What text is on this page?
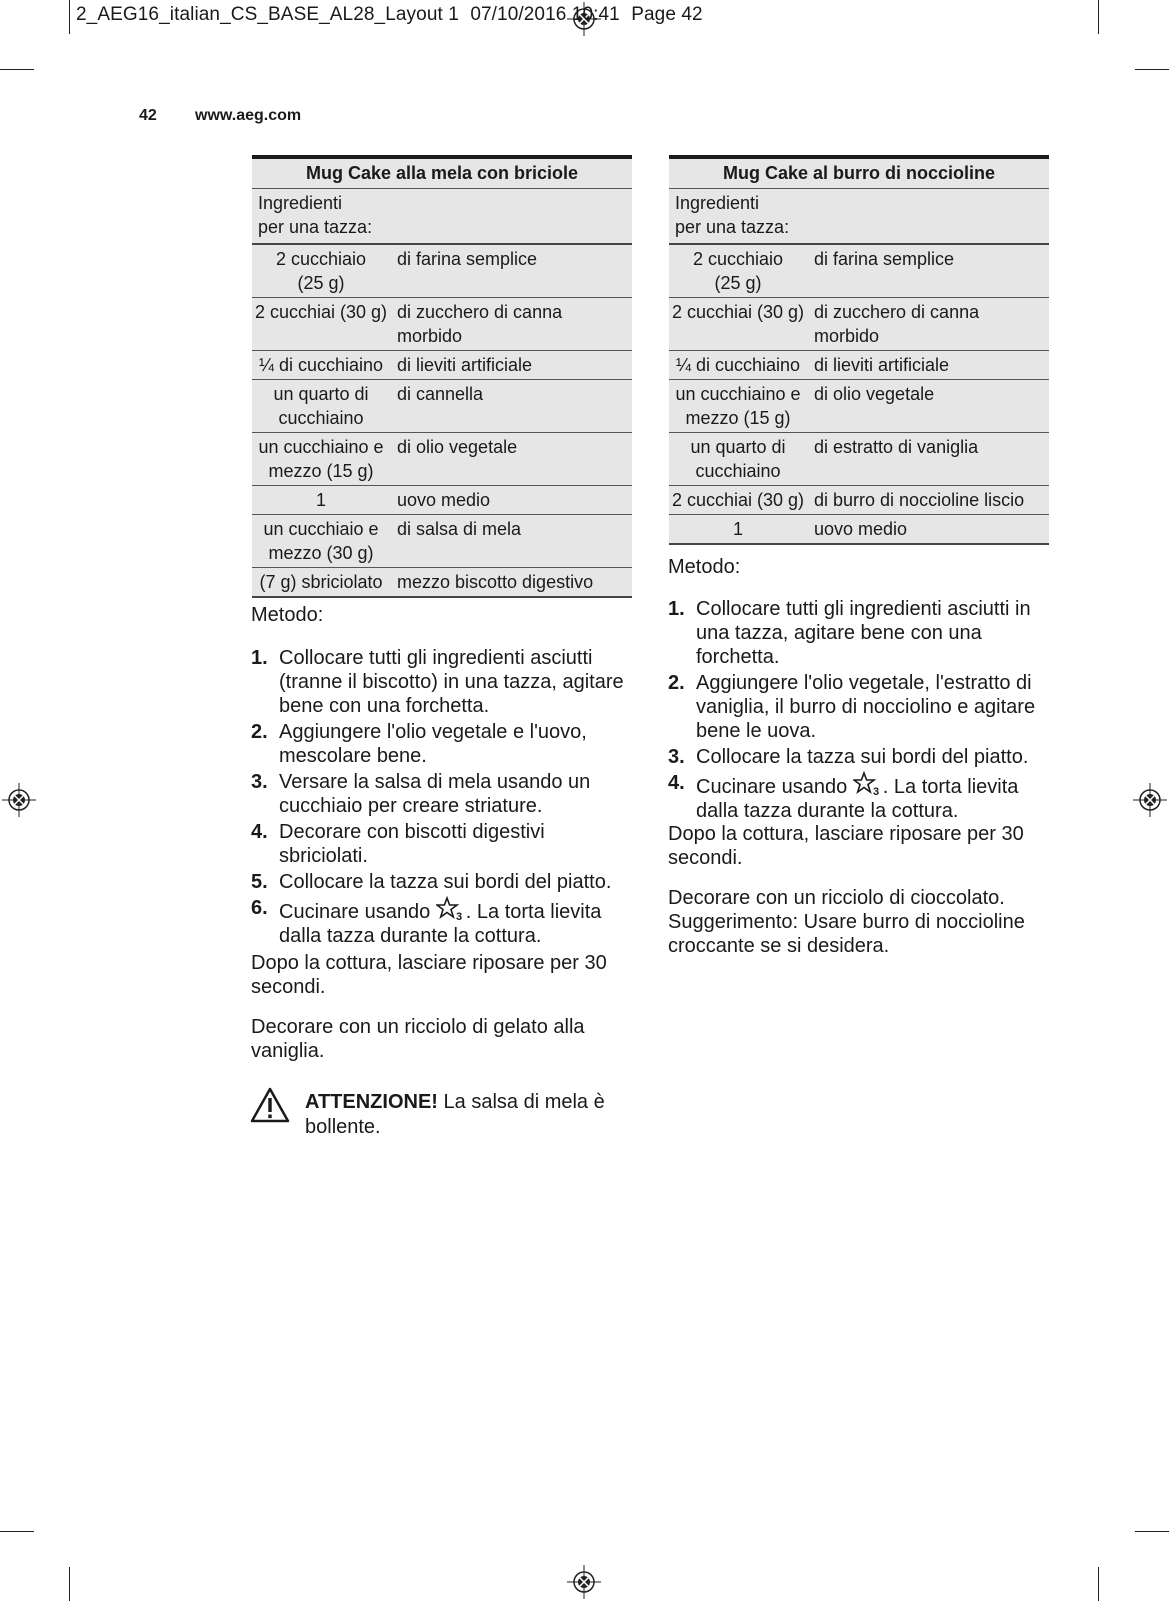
2_AEG16_italian_CS_BASE_AL28_Layout 1 07/10/2016 10:41 Page 42
42 www.aeg.com
Mug Cake alla mela con briciole	

Ingredienti
per una tazza:	

2 cucchiaio
(25 g)	di farina semplice

2 cucchiai (30 g)	di zucchero di canna
morbido

¼ di cucchiaino	di lieviti artificiale

un quarto di
cucchiaino	di cannella

un cucchiaino e
mezzo (15 g)	di olio vegetale

1	uovo medio

un cucchiaio e
mezzo (30 g)	di salsa di mela

(7 g) sbriciolato	mezzo biscotto digestivo

Metodo:

1. Collocare tutti gli ingredienti asciutti (tranne il biscotto) in una tazza, agitare bene con una forchetta.
2. Aggiungere l'olio vegetale e l'uovo, mescolare bene.
3. Versare la salsa di mela usando un cucchiaio per creare striature.
4. Decorare con biscotti digestivi sbriciolati.
5. Collocare la tazza sui bordi del piatto.
6. Cucinare usando 3 . La torta lievita dalla tazza durante la cottura.

Dopo la cottura, lasciare riposare per 30 secondi.

Decorare con un ricciolo di gelato alla vaniglia.

ATTENZIONE! La salsa di mela è bollente.
Mug Cake al burro di noccioline	

Ingredienti
per una tazza:	

2 cucchiaio
(25 g)	di farina semplice

2 cucchiai (30 g)	di zucchero di canna
morbido

¼ di cucchiaino	di lieviti artificiale

un cucchiaino e
mezzo (15 g)	di olio vegetale

un quarto di
cucchiaino	di estratto di vaniglia

2 cucchiai (30 g)	di burro di noccioline liscio

1	uovo medio

Metodo:

1. Collocare tutti gli ingredienti asciutti in una tazza, agitare bene con una forchetta.
2. Aggiungere l'olio vegetale, l'estratto di vaniglia, il burro di nocciolino e agitare bene le uova.
3. Collocare la tazza sui bordi del piatto.
4. Cucinare usando 3 . La torta lievita dalla tazza durante la cottura.

Dopo la cottura, lasciare riposare per 30 secondi.

Decorare con un ricciolo di cioccolato.

Suggerimento: Usare burro di noccioline croccante se si desidera.
